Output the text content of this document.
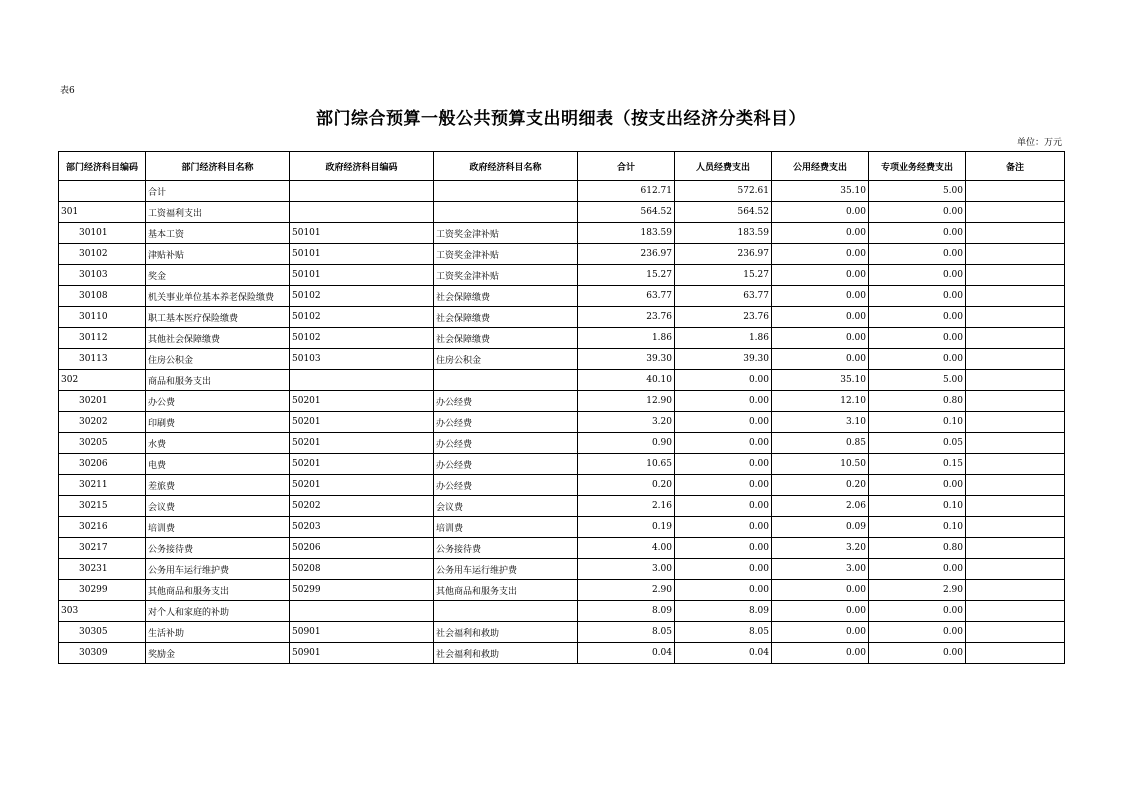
表6
部门综合预算一般公共预算支出明细表（按支出经济分类科目）
单位：万元
部门经济科目编码	部门经济科目名称	政府经济科目编码	政府经济科目名称	合计	人员经费支出	公用经费支出	专项业务经费支出	备注
	合计			612.71	572.61	35.10	5.00	
301	工资福利支出			564.52	564.52	0.00	0.00	
30101	基本工资	50101	工资奖金津补贴	183.59	183.59	0.00	0.00	
30102	津贴补贴	50101	工资奖金津补贴	236.97	236.97	0.00	0.00	
30103	奖金	50101	工资奖金津补贴	15.27	15.27	0.00	0.00	
30108	机关事业单位基本养老保险缴费	50102	社会保障缴费	63.77	63.77	0.00	0.00	
30110	职工基本医疗保险缴费	50102	社会保障缴费	23.76	23.76	0.00	0.00	
30112	其他社会保障缴费	50102	社会保障缴费	1.86	1.86	0.00	0.00	
30113	住房公积金	50103	住房公积金	39.30	39.30	0.00	0.00	
302	商品和服务支出			40.10	0.00	35.10	5.00	
30201	办公费	50201	办公经费	12.90	0.00	12.10	0.80	
30202	印刷费	50201	办公经费	3.20	0.00	3.10	0.10	
30205	水费	50201	办公经费	0.90	0.00	0.85	0.05	
30206	电费	50201	办公经费	10.65	0.00	10.50	0.15	
30211	差旅费	50201	办公经费	0.20	0.00	0.20	0.00	
30215	会议费	50202	会议费	2.16	0.00	2.06	0.10	
30216	培训费	50203	培训费	0.19	0.00	0.09	0.10	
30217	公务接待费	50206	公务接待费	4.00	0.00	3.20	0.80	
30231	公务用车运行维护费	50208	公务用车运行维护费	3.00	0.00	3.00	0.00	
30299	其他商品和服务支出	50299	其他商品和服务支出	2.90	0.00	0.00	2.90	
303	对个人和家庭的补助			8.09	8.09	0.00	0.00	
30305	生活补助	50901	社会福利和救助	8.05	8.05	0.00	0.00	
30309	奖励金	50901	社会福利和救助	0.04	0.04	0.00	0.00	
